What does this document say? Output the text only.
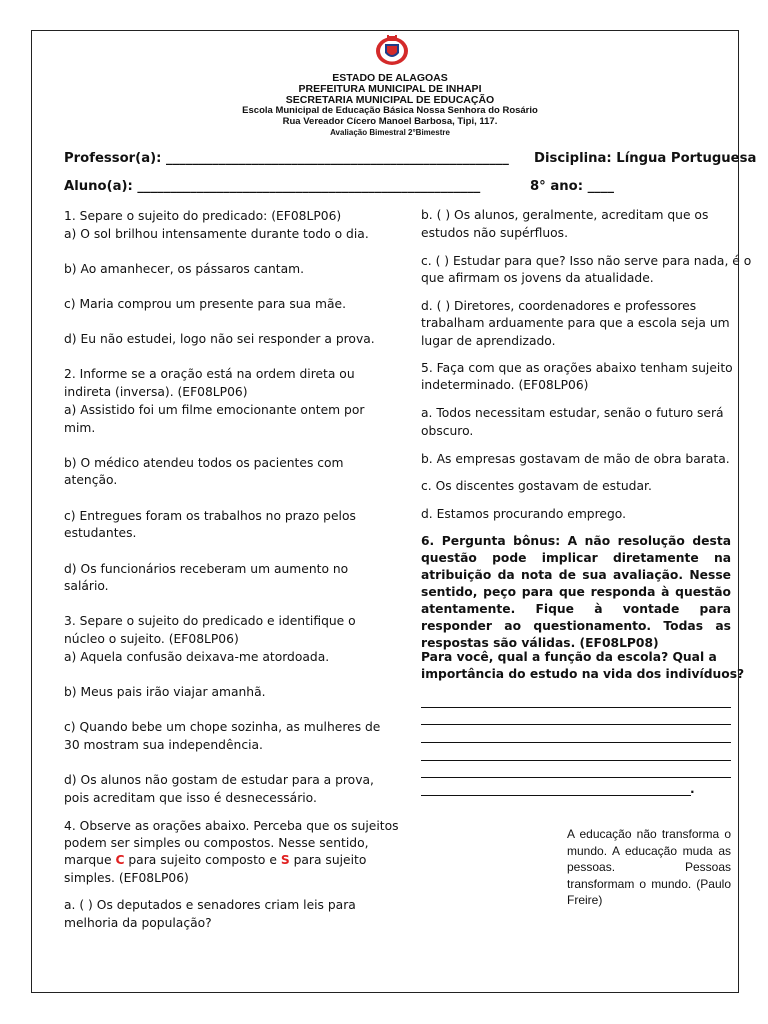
ESTADO DE ALAGOAS
PREFEITURA MUNICIPAL DE INHAPI
SECRETARIA MUNICIPAL DE EDUCAÇÃO
Escola Municipal de Educação Básica Nossa Senhora do Rosário
Rua Vereador Cícero Manoel Barbosa, Tipi, 117.
Avaliação Bimestral 2°Bimestre
Professor(a): ____________________________________________________ Disciplina: Língua Portuguesa
Aluno(a): ____________________________________________________	8° ano: ____
1. Separe o sujeito do predicado: (EF08LP06)
a) O sol brilhou intensamente durante todo o dia.
b) Ao amanhecer, os pássaros cantam.
c) Maria comprou um presente para sua mãe.
d) Eu não estudei, logo não sei responder a prova.
2. Informe se a oração está na ordem direta ou
indireta (inversa). (EF08LP06)
a) Assistido foi um filme emocionante ontem por
mim.
b) O médico atendeu todos os pacientes com
atenção.
c) Entregues foram os trabalhos no prazo pelos
estudantes.
d) Os funcionários receberam um aumento no
salário.
3. Separe o sujeito do predicado e identifique o
núcleo o sujeito. (EF08LP06)
a) Aquela confusão deixava-me atordoada.
b) Meus pais irão viajar amanhã.
c) Quando bebe um chope sozinha, as mulheres de
30 mostram sua independência.
d) Os alunos não gostam de estudar para a prova,
pois acreditam que isso é desnecessário.
4. Observe as orações abaixo. Perceba que os sujeitos
podem ser simples ou compostos. Nesse sentido,
marque C para sujeito composto e S para sujeito
simples. (EF08LP06)
a. ( ) Os deputados e senadores criam leis para
melhoria da população?
b. ( ) Os alunos, geralmente, acreditam que os
estudos não supérfluos.
c. ( ) Estudar para que? Isso não serve para nada, é o
que afirmam os jovens da atualidade.
d. ( ) Diretores, coordenadores e professores
trabalham arduamente para que a escola seja um
lugar de aprendizado.
5. Faça com que as orações abaixo tenham sujeito
indeterminado. (EF08LP06)
a. Todos necessitam estudar, senão o futuro será
obscuro.
b. As empresas gostavam de mão de obra barata.
c. Os discentes gostavam de estudar.
d. Estamos procurando emprego.
6. Pergunta bônus: A não resolução desta questão pode implicar diretamente na atribuição da nota de sua avaliação. Nesse sentido, peço para que responda à questão atentamente. Fique à vontade para responder ao questionamento. Todas as respostas são válidas. (EF08LP08)
Para você, qual a função da escola? Qual a
importância do estudo na vida dos indivíduos?
.
A educação não transforma o mundo. A educação muda as pessoas. Pessoas transformam o mundo. (Paulo Freire)
